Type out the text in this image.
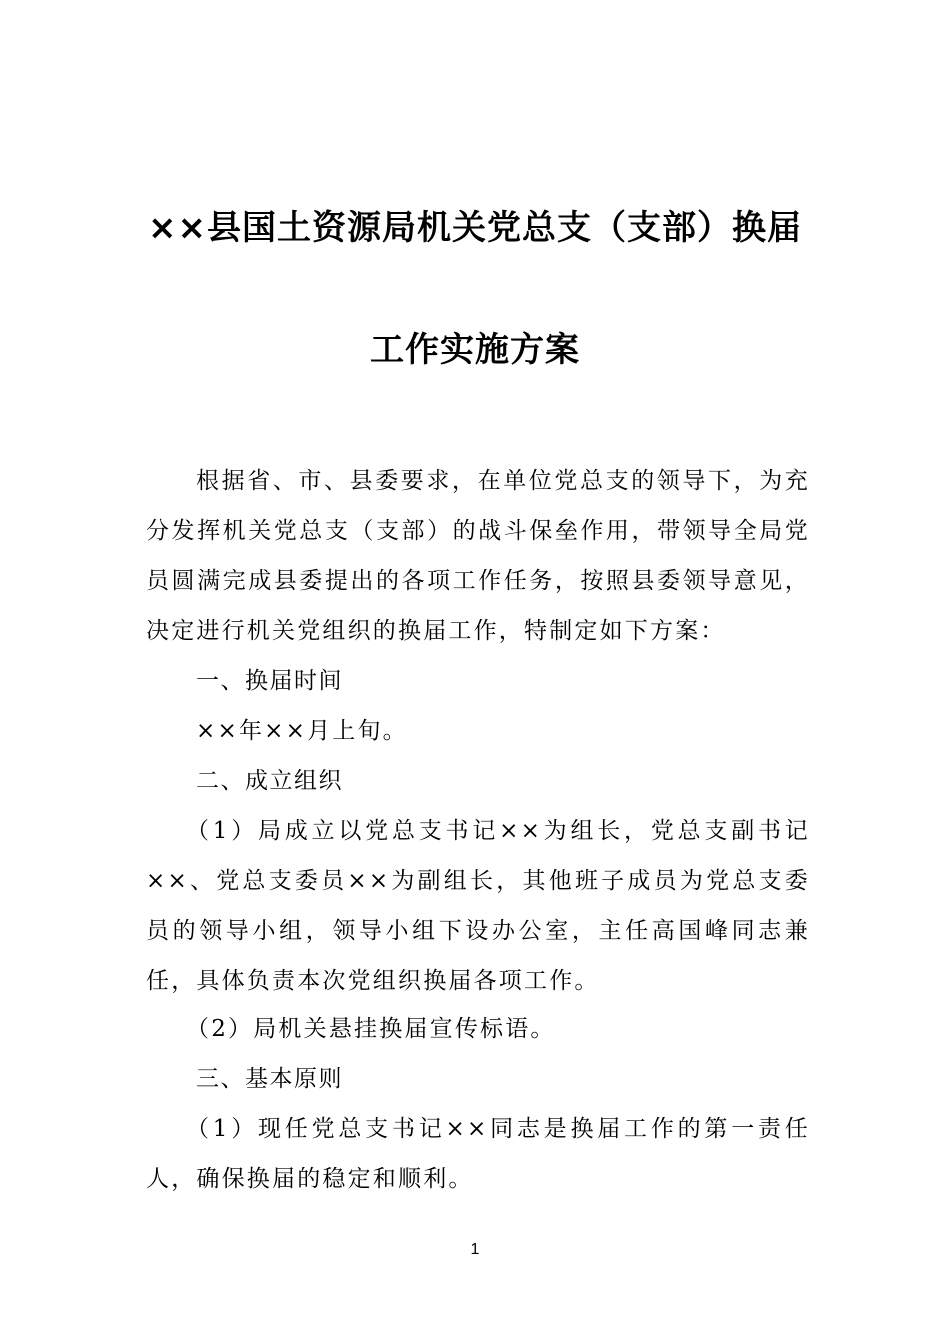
××县国土资源局机关党总支（支部）换届
工作实施方案

根据省、市、县委要求，在单位党总支的领导下，为充分发挥机关党总支（支部）的战斗保垒作用，带领导全局党员圆满完成县委提出的各项工作任务，按照县委领导意见，决定进行机关党组织的换届工作，特制定如下方案：

一、换届时间

××年××月上旬。

二、成立组织

（1）局成立以党总支书记××为组长，党总支副书记××、党总支委员××为副组长，其他班子成员为党总支委员的领导小组，领导小组下设办公室，主任高国峰同志兼任，具体负责本次党组织换届各项工作。

（2）局机关悬挂换届宣传标语。

三、基本原则

（1）现任党总支书记××同志是换届工作的第一责任人，确保换届的稳定和顺利。

1
